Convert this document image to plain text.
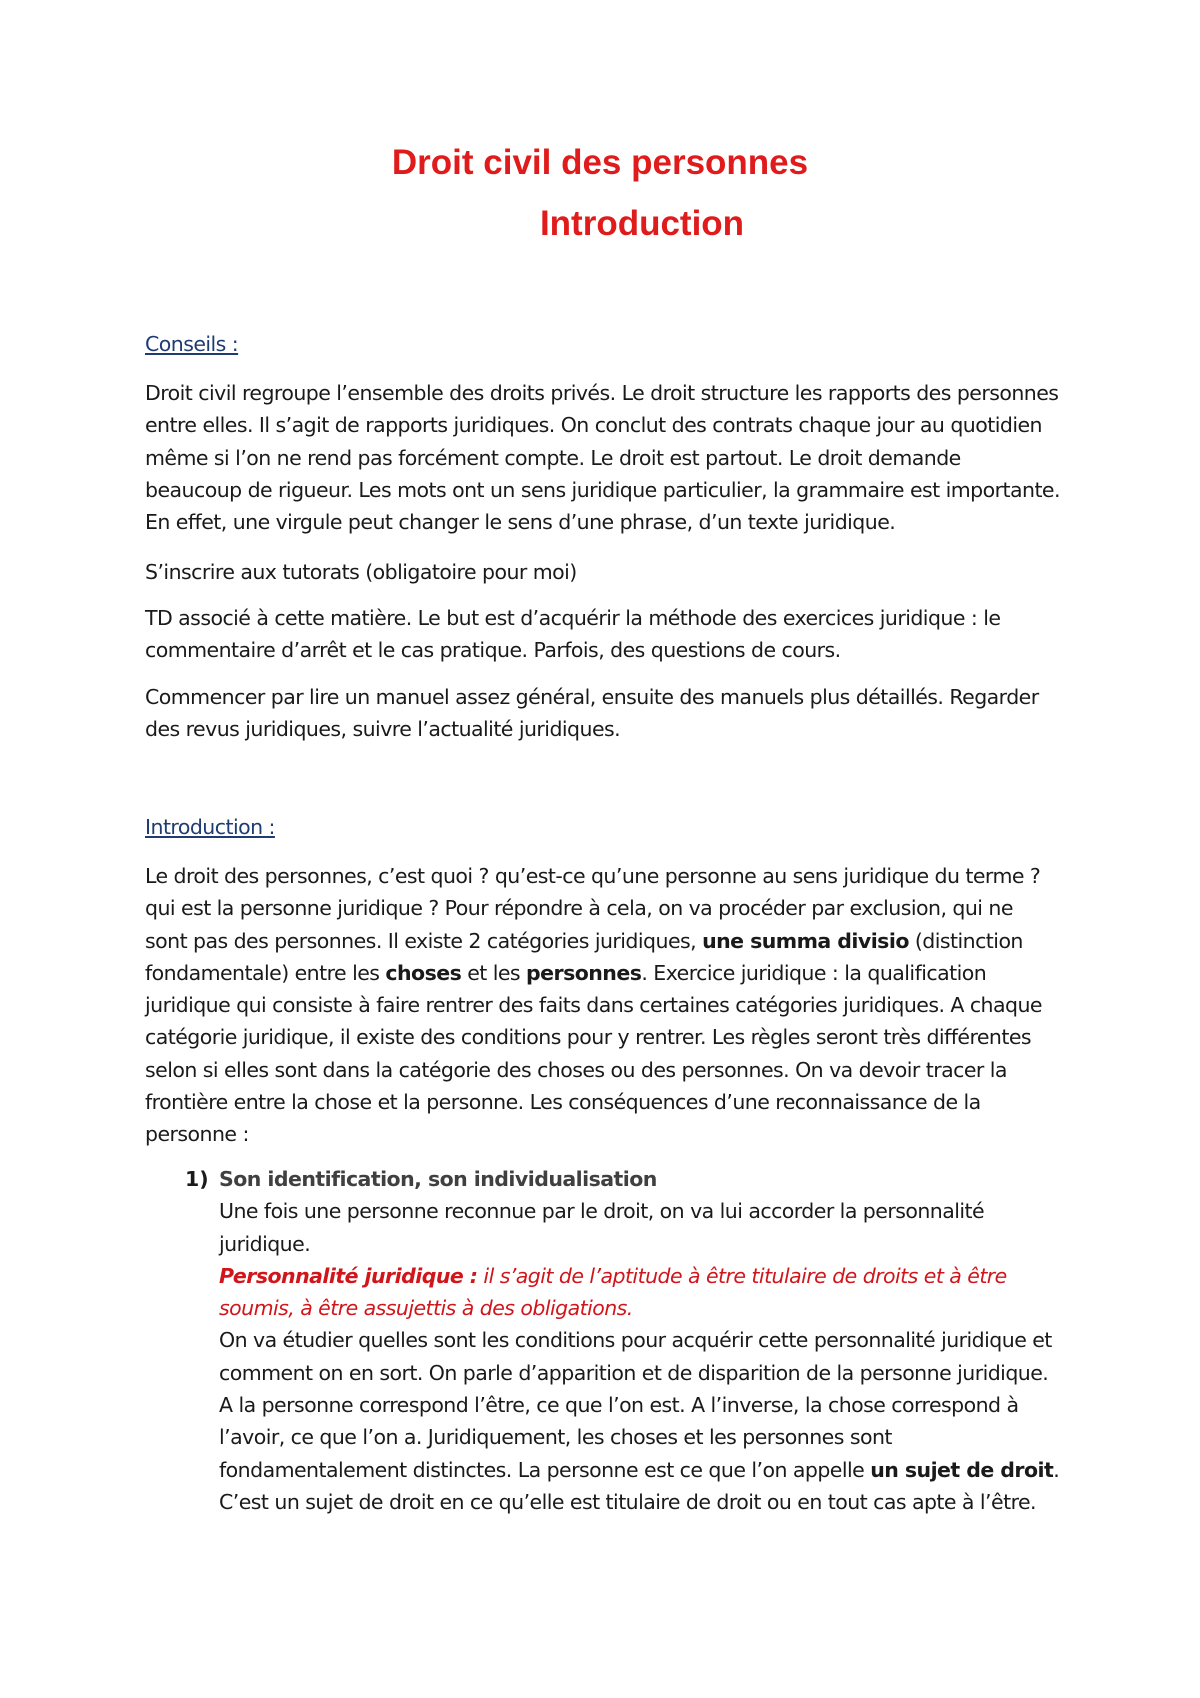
Droit civil des personnes
Introduction

Conseils :

Droit civil regroupe l’ensemble des droits privés. Le droit structure les rapports des personnes entre elles. Il s’agit de rapports juridiques. On conclut des contrats chaque jour au quotidien même si l’on ne rend pas forcément compte. Le droit est partout. Le droit demande beaucoup de rigueur. Les mots ont un sens juridique particulier, la grammaire est importante. En effet, une virgule peut changer le sens d’une phrase, d’un texte juridique.

S’inscrire aux tutorats (obligatoire pour moi)

TD associé à cette matière. Le but est d’acquérir la méthode des exercices juridique : le commentaire d’arrêt et le cas pratique. Parfois, des questions de cours.

Commencer par lire un manuel assez général, ensuite des manuels plus détaillés. Regarder des revus juridiques, suivre l’actualité juridiques.

Introduction :

Le droit des personnes, c’est quoi ? qu’est-ce qu’une personne au sens juridique du terme ? qui est la personne juridique ? Pour répondre à cela, on va procéder par exclusion, qui ne sont pas des personnes. Il existe 2 catégories juridiques, une summa divisio (distinction fondamentale) entre les choses et les personnes. Exercice juridique : la qualification juridique qui consiste à faire rentrer des faits dans certaines catégories juridiques. A chaque catégorie juridique, il existe des conditions pour y rentrer. Les règles seront très différentes selon si elles sont dans la catégorie des choses ou des personnes. On va devoir tracer la frontière entre la chose et la personne. Les conséquences d’une reconnaissance de la personne :

1) Son identification, son individualisation
Une fois une personne reconnue par le droit, on va lui accorder la personnalité juridique.
Personnalité juridique : il s’agit de l’aptitude à être titulaire de droits et à être soumis, à être assujettis à des obligations.
On va étudier quelles sont les conditions pour acquérir cette personnalité juridique et comment on en sort. On parle d’apparition et de disparition de la personne juridique.
A la personne correspond l’être, ce que l’on est. A l’inverse, la chose correspond à l’avoir, ce que l’on a. Juridiquement, les choses et les personnes sont fondamentalement distinctes. La personne est ce que l’on appelle un sujet de droit.
C’est un sujet de droit en ce qu’elle est titulaire de droit ou en tout cas apte à l’être.
